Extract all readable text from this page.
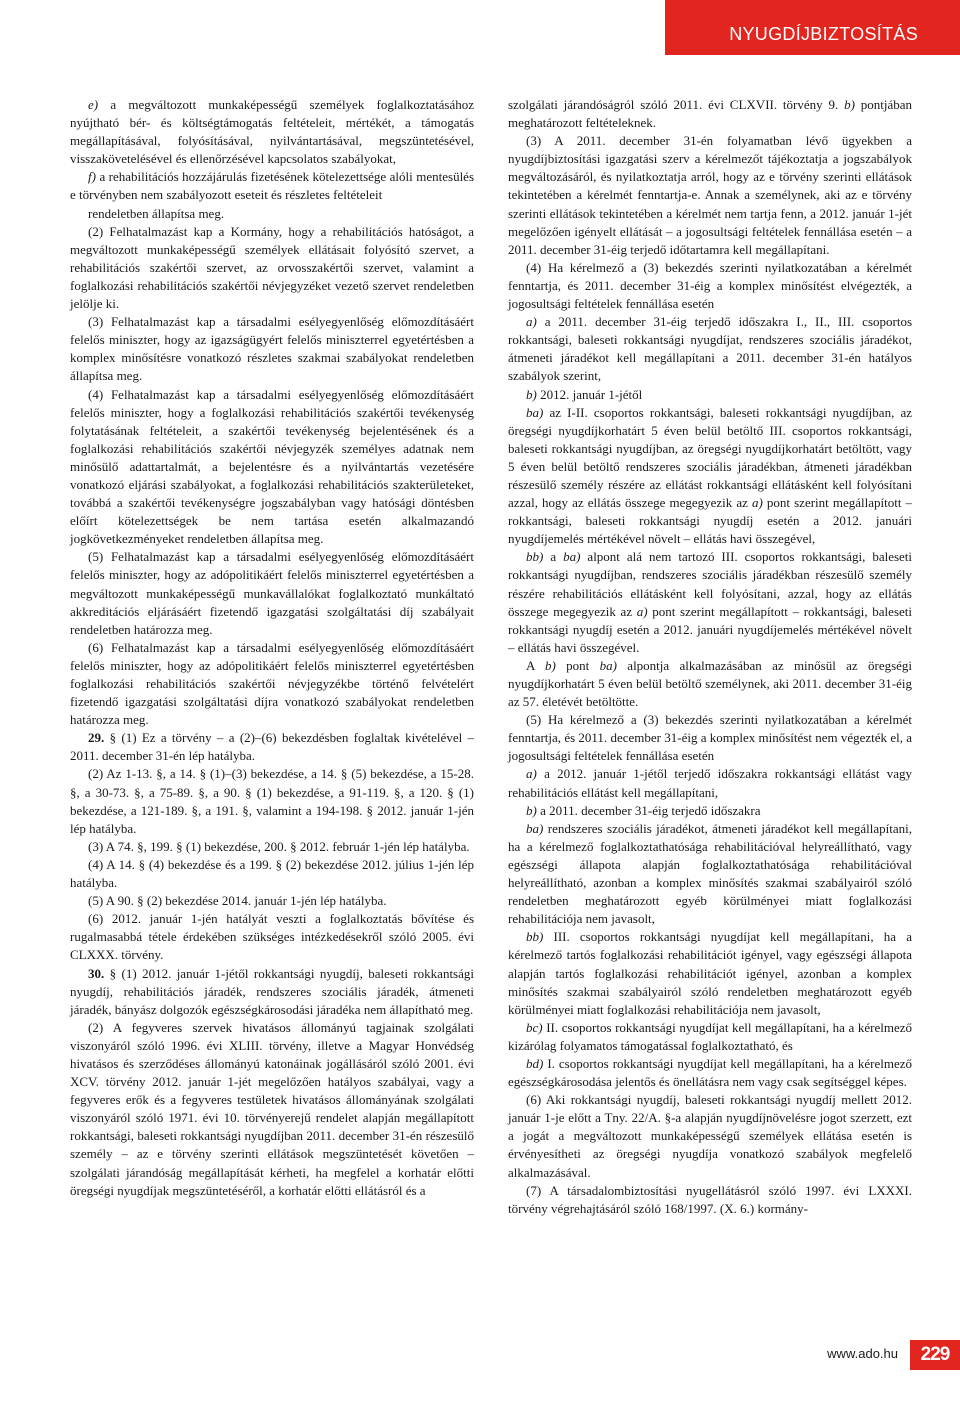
NYUGDÍJBIZTOSÍTÁS

e) a megváltozott munkaképességű személyek foglalkoztatásához nyújtható bér- és költségtámogatás feltételeit, mértékét, a támogatás megállapításával, folyósításával, nyilvántartásával, megszüntetésével, visszakövetelésével és ellenőrzésével kapcsolatos szabályokat,

f) a rehabilitációs hozzájárulás fizetésének kötelezettsége alóli mentesülés e törvényben nem szabályozott eseteit és részletes feltételeit

rendeletben állapítsa meg.

(2) Felhatalmazást kap a Kormány, hogy a rehabilitációs hatóságot, a megváltozott munkaképességű személyek ellátásait folyósító szervet, a rehabilitációs szakértői szervet, az orvosszakértői szervet, valamint a foglalkozási rehabilitációs szakértői névjegyzéket vezető szervet rendeletben jelölje ki.

(3) Felhatalmazást kap a társadalmi esélyegyenlőség előmozdításáért felelős miniszter, hogy az igazságügyért felelős miniszterrel egyetértésben a komplex minősítésre vonatkozó részletes szakmai szabályokat rendeletben állapítsa meg.

(4) Felhatalmazást kap a társadalmi esélyegyenlőség előmozdításáért felelős miniszter, hogy a foglalkozási rehabilitációs szakértői tevékenység folytatásának feltételeit, a szakértői tevékenység bejelentésének és a foglalkozási rehabilitációs szakértői névjegyzék személyes adatnak nem minősülő adattartalmát, a bejelentésre és a nyilvántartás vezetésére vonatkozó eljárási szabályokat, a foglalkozási rehabilitációs szakterületeket, továbbá a szakértői tevékenységre jogszabályban vagy hatósági döntésben előírt kötelezettségek be nem tartása esetén alkalmazandó jogkövetkezményeket rendeletben állapítsa meg.

(5) Felhatalmazást kap a társadalmi esélyegyenlőség előmozdításáért felelős miniszter, hogy az adópolitikáért felelős miniszterrel egyetértésben a megváltozott munkaképességű munkavállalókat foglalkoztató munkáltató akkreditációs eljárásáért fizetendő igazgatási szolgáltatási díj szabályait rendeletben határozza meg.

(6) Felhatalmazást kap a társadalmi esélyegyenlőség előmozdításáért felelős miniszter, hogy az adópolitikáért felelős miniszterrel egyetértésben foglalkozási rehabilitációs szakértői névjegyzékbe történő felvételért fizetendő igazgatási szolgáltatási díjra vonatkozó szabályokat rendeletben határozza meg.

29. § (1) Ez a törvény – a (2)–(6) bekezdésben foglaltak kivételével – 2011. december 31-én lép hatályba.

(2) Az 1-13. §, a 14. § (1)–(3) bekezdése, a 14. § (5) bekezdése, a 15-28. §, a 30-73. §, a 75-89. §, a 90. § (1) bekezdése, a 91-119. §, a 120. § (1) bekezdése, a 121-189. §, a 191. §, valamint a 194-198. § 2012. január 1-jén lép hatályba.

(3) A 74. §, 199. § (1) bekezdése, 200. § 2012. február 1-jén lép hatályba.

(4) A 14. § (4) bekezdése és a 199. § (2) bekezdése 2012. július 1-jén lép hatályba.

(5) A 90. § (2) bekezdése 2014. január 1-jén lép hatályba.

(6) 2012. január 1-jén hatályát veszti a foglalkoztatás bővítése és rugalmasabbá tétele érdekében szükséges intézkedésekről szóló 2005. évi CLXXX. törvény.

30. § (1) 2012. január 1-jétől rokkantsági nyugdíj, baleseti rokkantsági nyugdíj, rehabilitációs járadék, rendszeres szociális járadék, átmeneti járadék, bányász dolgozók egészségkárosodási járadéka nem állapítható meg.

(2) A fegyveres szervek hivatásos állományú tagjainak szolgálati viszonyáról szóló 1996. évi XLIII. törvény, illetve a Magyar Honvédség hivatásos és szerződéses állományú katonáinak jogállásáról szóló 2001. évi XCV. törvény 2012. január 1-jét megelőzően hatályos szabályai, vagy a fegyveres erők és a fegyveres testületek hivatásos állományának szolgálati viszonyáról szóló 1971. évi 10. törvényerejű rendelet alapján megállapított rokkantsági, baleseti rokkantsági nyugdíjban 2011. december 31-én részesülő személy – az e törvény szerinti ellátások megszüntetését követően – szolgálati járandóság megállapítását kérheti, ha megfelel a korhatár előtti öregségi nyugdíjak megszüntetéséről, a korhatár előtti ellátásról és a

szolgálati járandóságról szóló 2011. évi CLXVII. törvény 9. b) pontjában meghatározott feltételeknek.

(3) A 2011. december 31-én folyamatban lévő ügyekben a nyugdíjbiztosítási igazgatási szerv a kérelmezőt tájékoztatja a jogszabályok megváltozásáról, és nyilatkoztatja arról, hogy az e törvény szerinti ellátások tekintetében a kérelmét fenntartja-e. Annak a személynek, aki az e törvény szerinti ellátások tekintetében a kérelmét nem tartja fenn, a 2012. január 1-jét megelőzően igényelt ellátását – a jogosultsági feltételek fennállása esetén – a 2011. december 31-éig terjedő időtartamra kell megállapítani.

(4) Ha kérelmező a (3) bekezdés szerinti nyilatkozatában a kérelmét fenntartja, és 2011. december 31-éig a komplex minősítést elvégezték, a jogosultsági feltételek fennállása esetén

a) a 2011. december 31-éig terjedő időszakra I., II., III. csoportos rokkantsági, baleseti rokkantsági nyugdíjat, rendszeres szociális járadékot, átmeneti járadékot kell megállapítani a 2011. december 31-én hatályos szabályok szerint,

b) 2012. január 1-jétől

ba) az I-II. csoportos rokkantsági, baleseti rokkantsági nyugdíjban, az öregségi nyugdíjkorhatárt 5 éven belül betöltő III. csoportos rokkantsági, baleseti rokkantsági nyugdíjban, az öregségi nyugdíjkorhatárt betöltött, vagy 5 éven belül betöltő rendszeres szociális járadékban, átmeneti járadékban részesülő személy részére az ellátást rokkantsági ellátásként kell folyósítani azzal, hogy az ellátás összege megegyezik az a) pont szerint megállapított – rokkantsági, baleseti rokkantsági nyugdíj esetén a 2012. januári nyugdíjemelés mértékével növelt – ellátás havi összegével,

bb) a ba) alpont alá nem tartozó III. csoportos rokkantsági, baleseti rokkantsági nyugdíjban, rendszeres szociális járadékban részesülő személy részére rehabilitációs ellátásként kell folyósítani, azzal, hogy az ellátás összege megegyezik az a) pont szerint megállapított – rokkantsági, baleseti rokkantsági nyugdíj esetén a 2012. januári nyugdíjemelés mértékével növelt – ellátás havi összegével.

A b) pont ba) alpontja alkalmazásában az minősül az öregségi nyugdíjkorhatárt 5 éven belül betöltő személynek, aki 2011. december 31-éig az 57. életévét betöltötte.

(5) Ha kérelmező a (3) bekezdés szerinti nyilatkozatában a kérelmét fenntartja, és 2011. december 31-éig a komplex minősítést nem végezték el, a jogosultsági feltételek fennállása esetén

a) a 2012. január 1-jétől terjedő időszakra rokkantsági ellátást vagy rehabilitációs ellátást kell megállapítani,

b) a 2011. december 31-éig terjedő időszakra

ba) rendszeres szociális járadékot, átmeneti járadékot kell megállapítani, ha a kérelmező foglalkoztathatósága rehabilitációval helyreállítható, vagy egészségi állapota alapján foglalkoztathatósága rehabilitációval helyreállítható, azonban a komplex minősítés szakmai szabályairól szóló rendeletben meghatározott egyéb körülményei miatt foglalkozási rehabilitációja nem javasolt,

bb) III. csoportos rokkantsági nyugdíjat kell megállapítani, ha a kérelmező tartós foglalkozási rehabilitációt igényel, vagy egészségi állapota alapján tartós foglalkozási rehabilitációt igényel, azonban a komplex minősítés szakmai szabályairól szóló rendeletben meghatározott egyéb körülményei miatt foglalkozási rehabilitációja nem javasolt,

bc) II. csoportos rokkantsági nyugdíjat kell megállapítani, ha a kérelmező kizárólag folyamatos támogatással foglalkoztatható, és

bd) I. csoportos rokkantsági nyugdíjat kell megállapítani, ha a kérelmező egészségkárosodása jelentős és önellátásra nem vagy csak segítséggel képes.

(6) Aki rokkantsági nyugdíj, baleseti rokkantsági nyugdíj mellett 2012. január 1-je előtt a Tny. 22/A. §-a alapján nyugdíjnövelésre jogot szerzett, ezt a jogát a megváltozott munkaképességű személyek ellátása esetén is érvényesítheti az öregségi nyugdíja vonatkozó szabályok megfelelő alkalmazásával.

(7) A társadalombiztosítási nyugellátásról szóló 1997. évi LXXXI. törvény végrehajtásáról szóló 168/1997. (X. 6.) kormány-

www.ado.hu	229
